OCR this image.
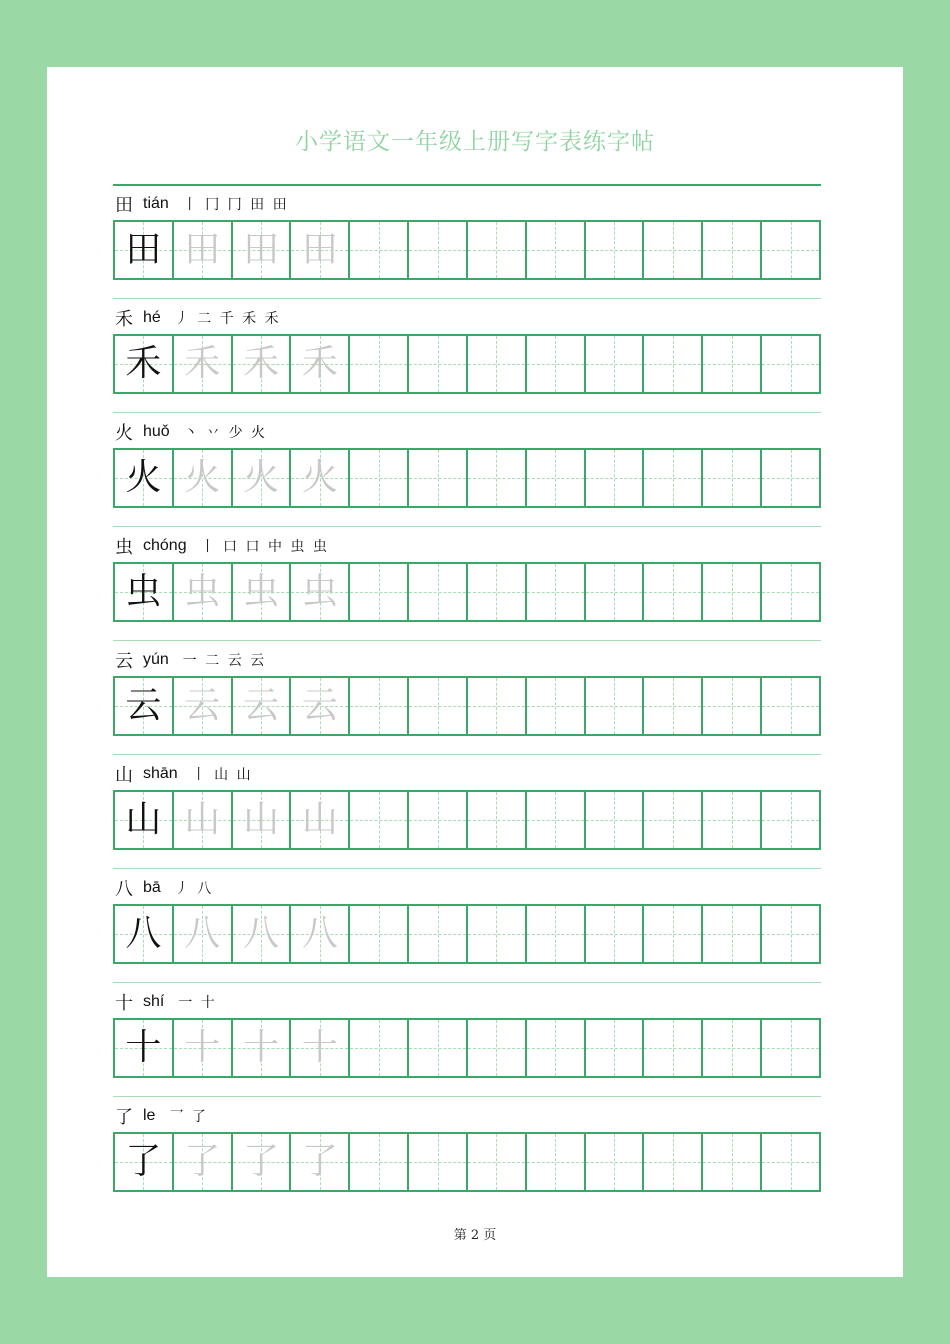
小学语文一年级上册写字表练字帖
田 tián 丨 冂 冂 田 田
田 田 田 田
禾 hé 丿 二 千 禾 禾
禾 禾 禾 禾
火 huǒ 丶 丷 少 火
火 火 火 火
虫 chóng 丨 口 口 中 虫 虫
虫 虫 虫 虫
云 yún 一 二 云 云
云 云 云 云
山 shān 丨 山 山
山 山 山 山
八 bā 丿 八
八 八 八 八
十 shí 一 十
十 十 十 十
了 le 乛 了
了 了 了 了
第 2 页
